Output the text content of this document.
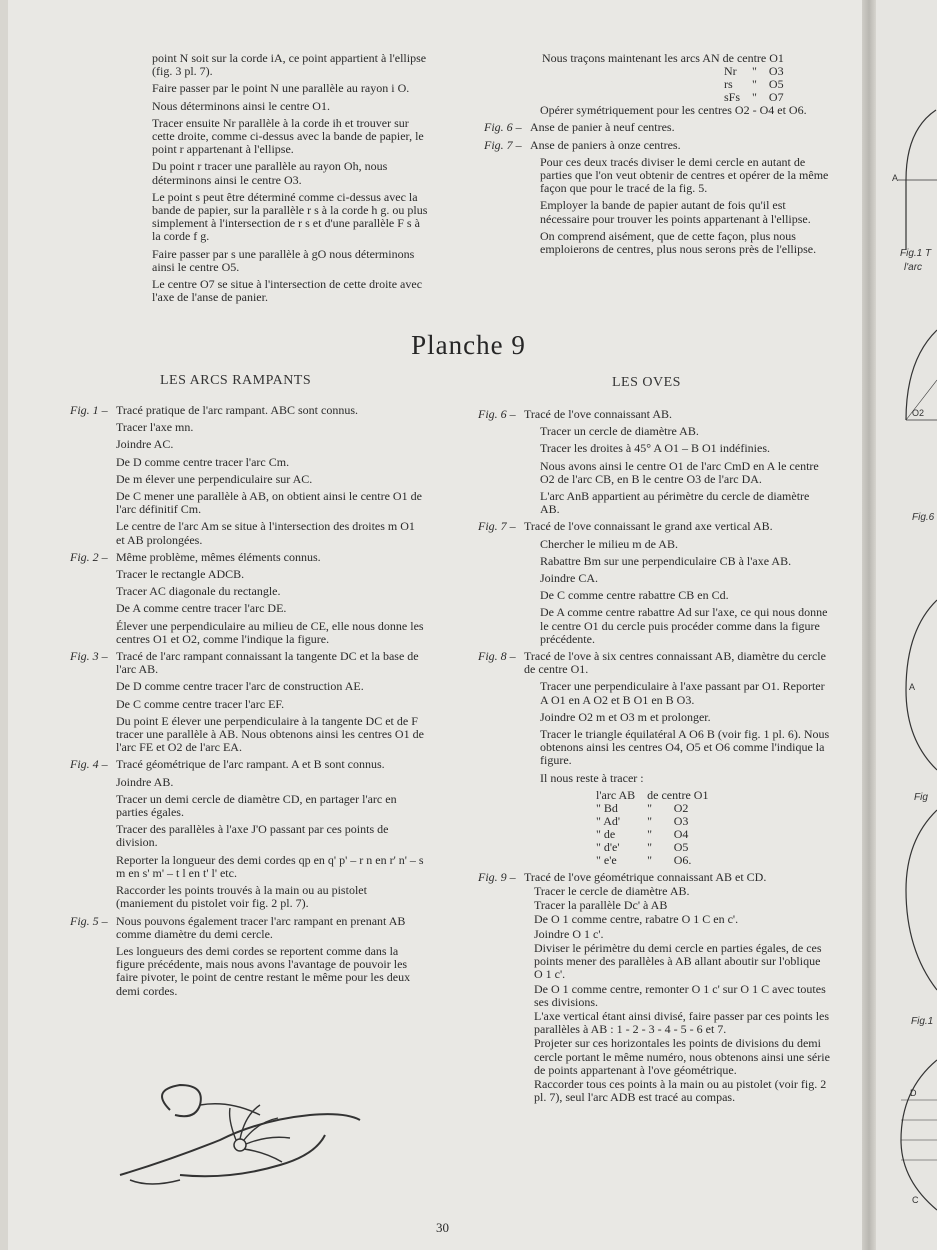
A
Fig.1 T
l'arc
O2
Fig.6
A
Fig
Fig.1
D
C

point N soit sur la corde iA, ce point appartient à l'ellipse (fig. 3 pl. 7).

Faire passer par le point N une parallèle au rayon i O.

Nous déterminons ainsi le centre O1.

Tracer ensuite Nr parallèle à la corde ih et trouver sur cette droite, comme ci-dessus avec la bande de papier, le point r appartenant à l'ellipse.

Du point r tracer une parallèle au rayon Oh, nous déterminons ainsi le centre O3.

Le point s peut être déterminé comme ci-dessus avec la bande de papier, sur la parallèle r s à la corde h g. ou plus simplement à l'intersection de r s et d'une parallèle F s à la corde f g.

Faire passer par s une parallèle à gO nous déterminons ainsi le centre O5.

Le centre O7 se situe à l'intersection de cette droite avec l'axe de l'anse de panier.

Nous traçons maintenant les arcs AN de centre O1

Nr	"	O3
rs	"	O5
sFs	"	O7

Opérer symétriquement pour les centres O2 - O4 et O6.

Fig. 6 – Anse de panier à neuf centres.

Fig. 7 – Anse de paniers à onze centres.

Pour ces deux tracés diviser le demi cercle en autant de parties que l'on veut obtenir de centres et opérer de la même façon que pour le tracé de la fig. 5.

Employer la bande de papier autant de fois qu'il est nécessaire pour trouver les points appartenant à l'ellipse.

On comprend aisément, que de cette façon, plus nous emploierons de centres, plus nous serons près de l'ellipse.

Planche 9
LES ARCS RAMPANTS	LES OVES

Fig. 1 – Tracé pratique de l'arc rampant. ABC sont connus.

Tracer l'axe mn.

Joindre AC.

De D comme centre tracer l'arc Cm.

De m élever une perpendiculaire sur AC.

De C mener une parallèle à AB, on obtient ainsi le centre O1 de l'arc définitif Cm.

Le centre de l'arc Am se situe à l'intersection des droites m O1 et AB prolongées.

Fig. 2 – Même problème, mêmes éléments connus.

Tracer le rectangle ADCB.

Tracer AC diagonale du rectangle.

De A comme centre tracer l'arc DE.

Élever une perpendiculaire au milieu de CE, elle nous donne les centres O1 et O2, comme l'indique la figure.

Fig. 3 – Tracé de l'arc rampant connaissant la tangente DC et la base de l'arc AB.

De D comme centre tracer l'arc de construction AE.

De C comme centre tracer l'arc EF.

Du point E élever une perpendiculaire à la tangente DC et de F tracer une parallèle à AB. Nous obtenons ainsi les centres O1 de l'arc FE et O2 de l'arc EA.

Fig. 4 – Tracé géométrique de l'arc rampant. A et B sont connus.

Joindre AB.

Tracer un demi cercle de diamètre CD, en partager l'arc en parties égales.

Tracer des parallèles à l'axe J'O passant par ces points de division.

Reporter la longueur des demi cordes qp en q' p' – r n en r' n' – s m en s' m' – t l en t' l' etc.

Raccorder les points trouvés à la main ou au pistolet (maniement du pistolet voir fig. 2 pl. 7).

Fig. 5 – Nous pouvons également tracer l'arc rampant en prenant AB comme diamètre du demi cercle.

Les longueurs des demi cordes se reportent comme dans la figure précédente, mais nous avons l'avantage de pouvoir les faire pivoter, le point de centre restant le même pour les deux demi cordes.

Fig. 6 – Tracé de l'ove connaissant AB.

Tracer un cercle de diamètre AB.

Tracer les droites à 45° A O1 – B O1 indéfinies.

Nous avons ainsi le centre O1 de l'arc CmD en A le centre O2 de l'arc CB, en B le centre O3 de l'arc DA.

L'arc AnB appartient au périmètre du cercle de diamètre AB.

Fig. 7 – Tracé de l'ove connaissant le grand axe vertical AB.

Chercher le milieu m de AB.

Rabattre Bm sur une perpendiculaire CB à l'axe AB.

Joindre CA.

De C comme centre rabattre CB en Cd.

De A comme centre rabattre Ad sur l'axe, ce qui nous donne le centre O1 du cercle puis procéder comme dans la figure précédente.

Fig. 8 – Tracé de l'ove à six centres connaissant AB, diamètre du cercle de centre O1.

Tracer une perpendiculaire à l'axe passant par O1. Reporter A O1 en A O2 et B O1 en B O3.

Joindre O2 m et O3 m et prolonger.

Tracer le triangle équilatéral A O6 B (voir fig. 1 pl. 6). Nous obtenons ainsi les centres O4, O5 et O6 comme l'indique la figure.

Il nous reste à tracer :

l'arc AB	de centre O1	
" Bd	"	O2
" Ad'	"	O3
" de	"	O4
" d'e'	"	O5
" e'e	"	O6.

Fig. 9 – Tracé de l'ove géométrique connaissant AB et CD.

Tracer le cercle de diamètre AB.

Tracer la parallèle Dc' à AB

De O 1 comme centre, rabatre O 1 C en c'.

Joindre O 1 c'.

Diviser le périmètre du demi cercle en parties égales, de ces points mener des parallèles à AB allant aboutir sur l'oblique O 1 c'.

De O 1 comme centre, remonter O 1 c' sur O 1 C avec toutes ses divisions.

L'axe vertical étant ainsi divisé, faire passer par ces points les parallèles à AB : 1 - 2 - 3 - 4 - 5 - 6 et 7.

Projeter sur ces horizontales les points de divisions du demi cercle portant le même numéro, nous obtenons ainsi une série de points appartenant à l'ove géométrique.

Raccorder tous ces points à la main ou au pistolet (voir fig. 2 pl. 7), seul l'arc ADB est tracé au compas.

30
